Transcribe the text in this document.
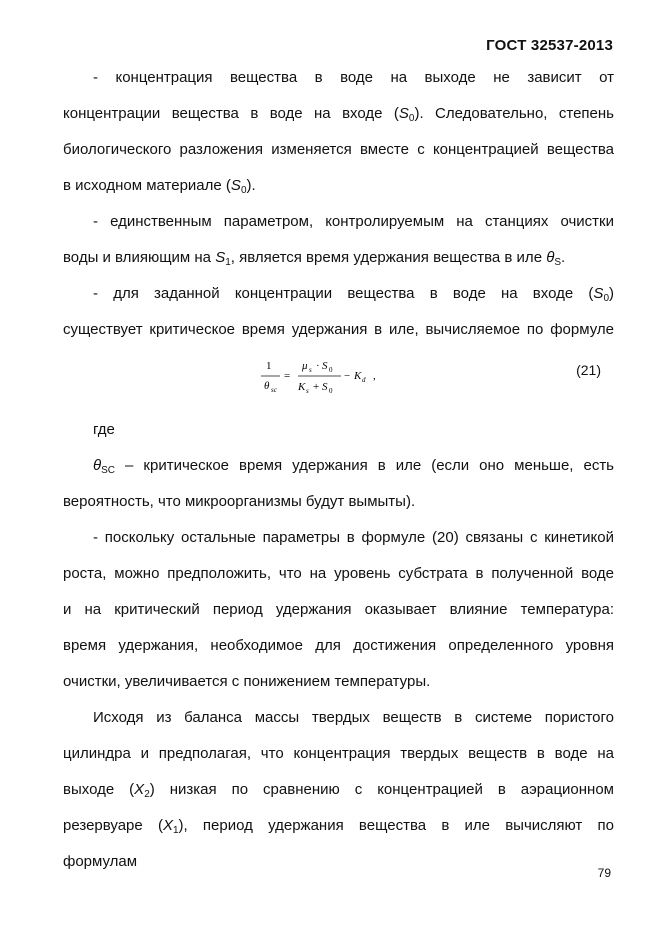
ГОСТ 32537-2013
- концентрация вещества в воде на выходе не зависит от
концентрации вещества в воде на входе $(S_0)$. Следовательно, степень
биологического разложения изменяется вместе с концентрацией вещества
в исходном материале $(S_0)$.
- единственным параметром, контролируемым на станциях очистки
воды и влияющим на $S_1$, является время удержания вещества в иле $\theta_S$.
- для заданной концентрации вещества в воде на входе $(S_0)$
существует критическое время удержания в иле, вычисляемое по формуле
1
θ sc
=
μ s · S 0
K s + S 0
− K d ,	(21)
где
$\theta_{SC}$ – критическое время удержания в иле (если оно меньше, есть
вероятность, что микроорганизмы будут вымыты).
- поскольку остальные параметры в формуле (20) связаны с кинетикой
роста, можно предположить, что на уровень субстрата в полученной воде
и на критический период удержания оказывает влияние температура:
время удержания, необходимое для достижения определенного уровня
очистки, увеличивается с понижением температуры.
Исходя из баланса массы твердых веществ в системе пористого
цилиндра и предполагая, что концентрация твердых веществ в воде на
выходе $(X_2)$ низкая по сравнению с концентрацией в аэрационном
резервуаре $(X_1)$, период удержания вещества в иле вычисляют по
формулам
79
